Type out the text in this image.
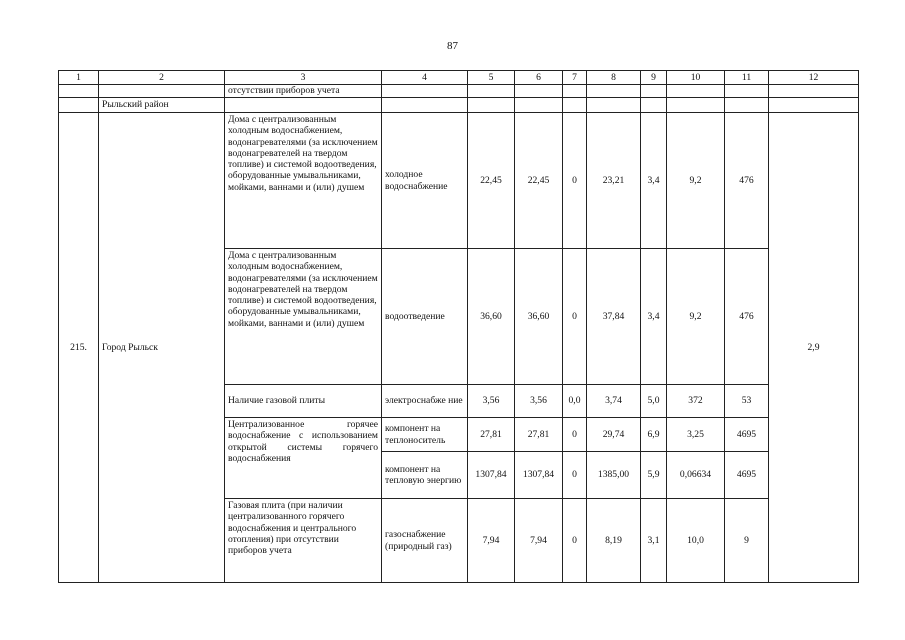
87
1	2	3	4	5	6	7	8	9	10	11	12
		отсутствии приборов учета									
	Рыльский район										
215.	Город Рыльск	Дома с централизованным холодным водоснабжением, водонагревателями (за исключением водонагревателей на твердом топливе) и системой водоотведения, оборудованные умывальниками, мойками, ваннами и (или) душем	холодное водоснабжение	22,45	22,45	0	23,21	3,4	9,2	476	2,9
		Дома с централизованным холодным водоснабжением, водонагревателями (за исключением водонагревателей на твердом топливе) и системой водоотведения, оборудованные умывальниками, мойками, ваннами и (или) душем	водоотведение	36,60	36,60	0	37,84	3,4	9,2	476	
		Наличие газовой плиты	электроснабже ние	3,56	3,56	0,0	3,74	5,0	372	53	
		Централизованное горячее водоснабжение с использованием открытой системы горячего водоснабжения	компонент на теплоноситель	27,81	27,81	0	29,74	6,9	3,25	4695	
			компонент на тепловую энергию	1307,84	1307,84	0	1385,00	5,9	0,06634	4695	
		Газовая плита (при наличии централизованного горячего водоснабжения и центрального отопления) при отсутствии приборов учета	газоснабжение (природный газ)	7,94	7,94	0	8,19	3,1	10,0	9	
